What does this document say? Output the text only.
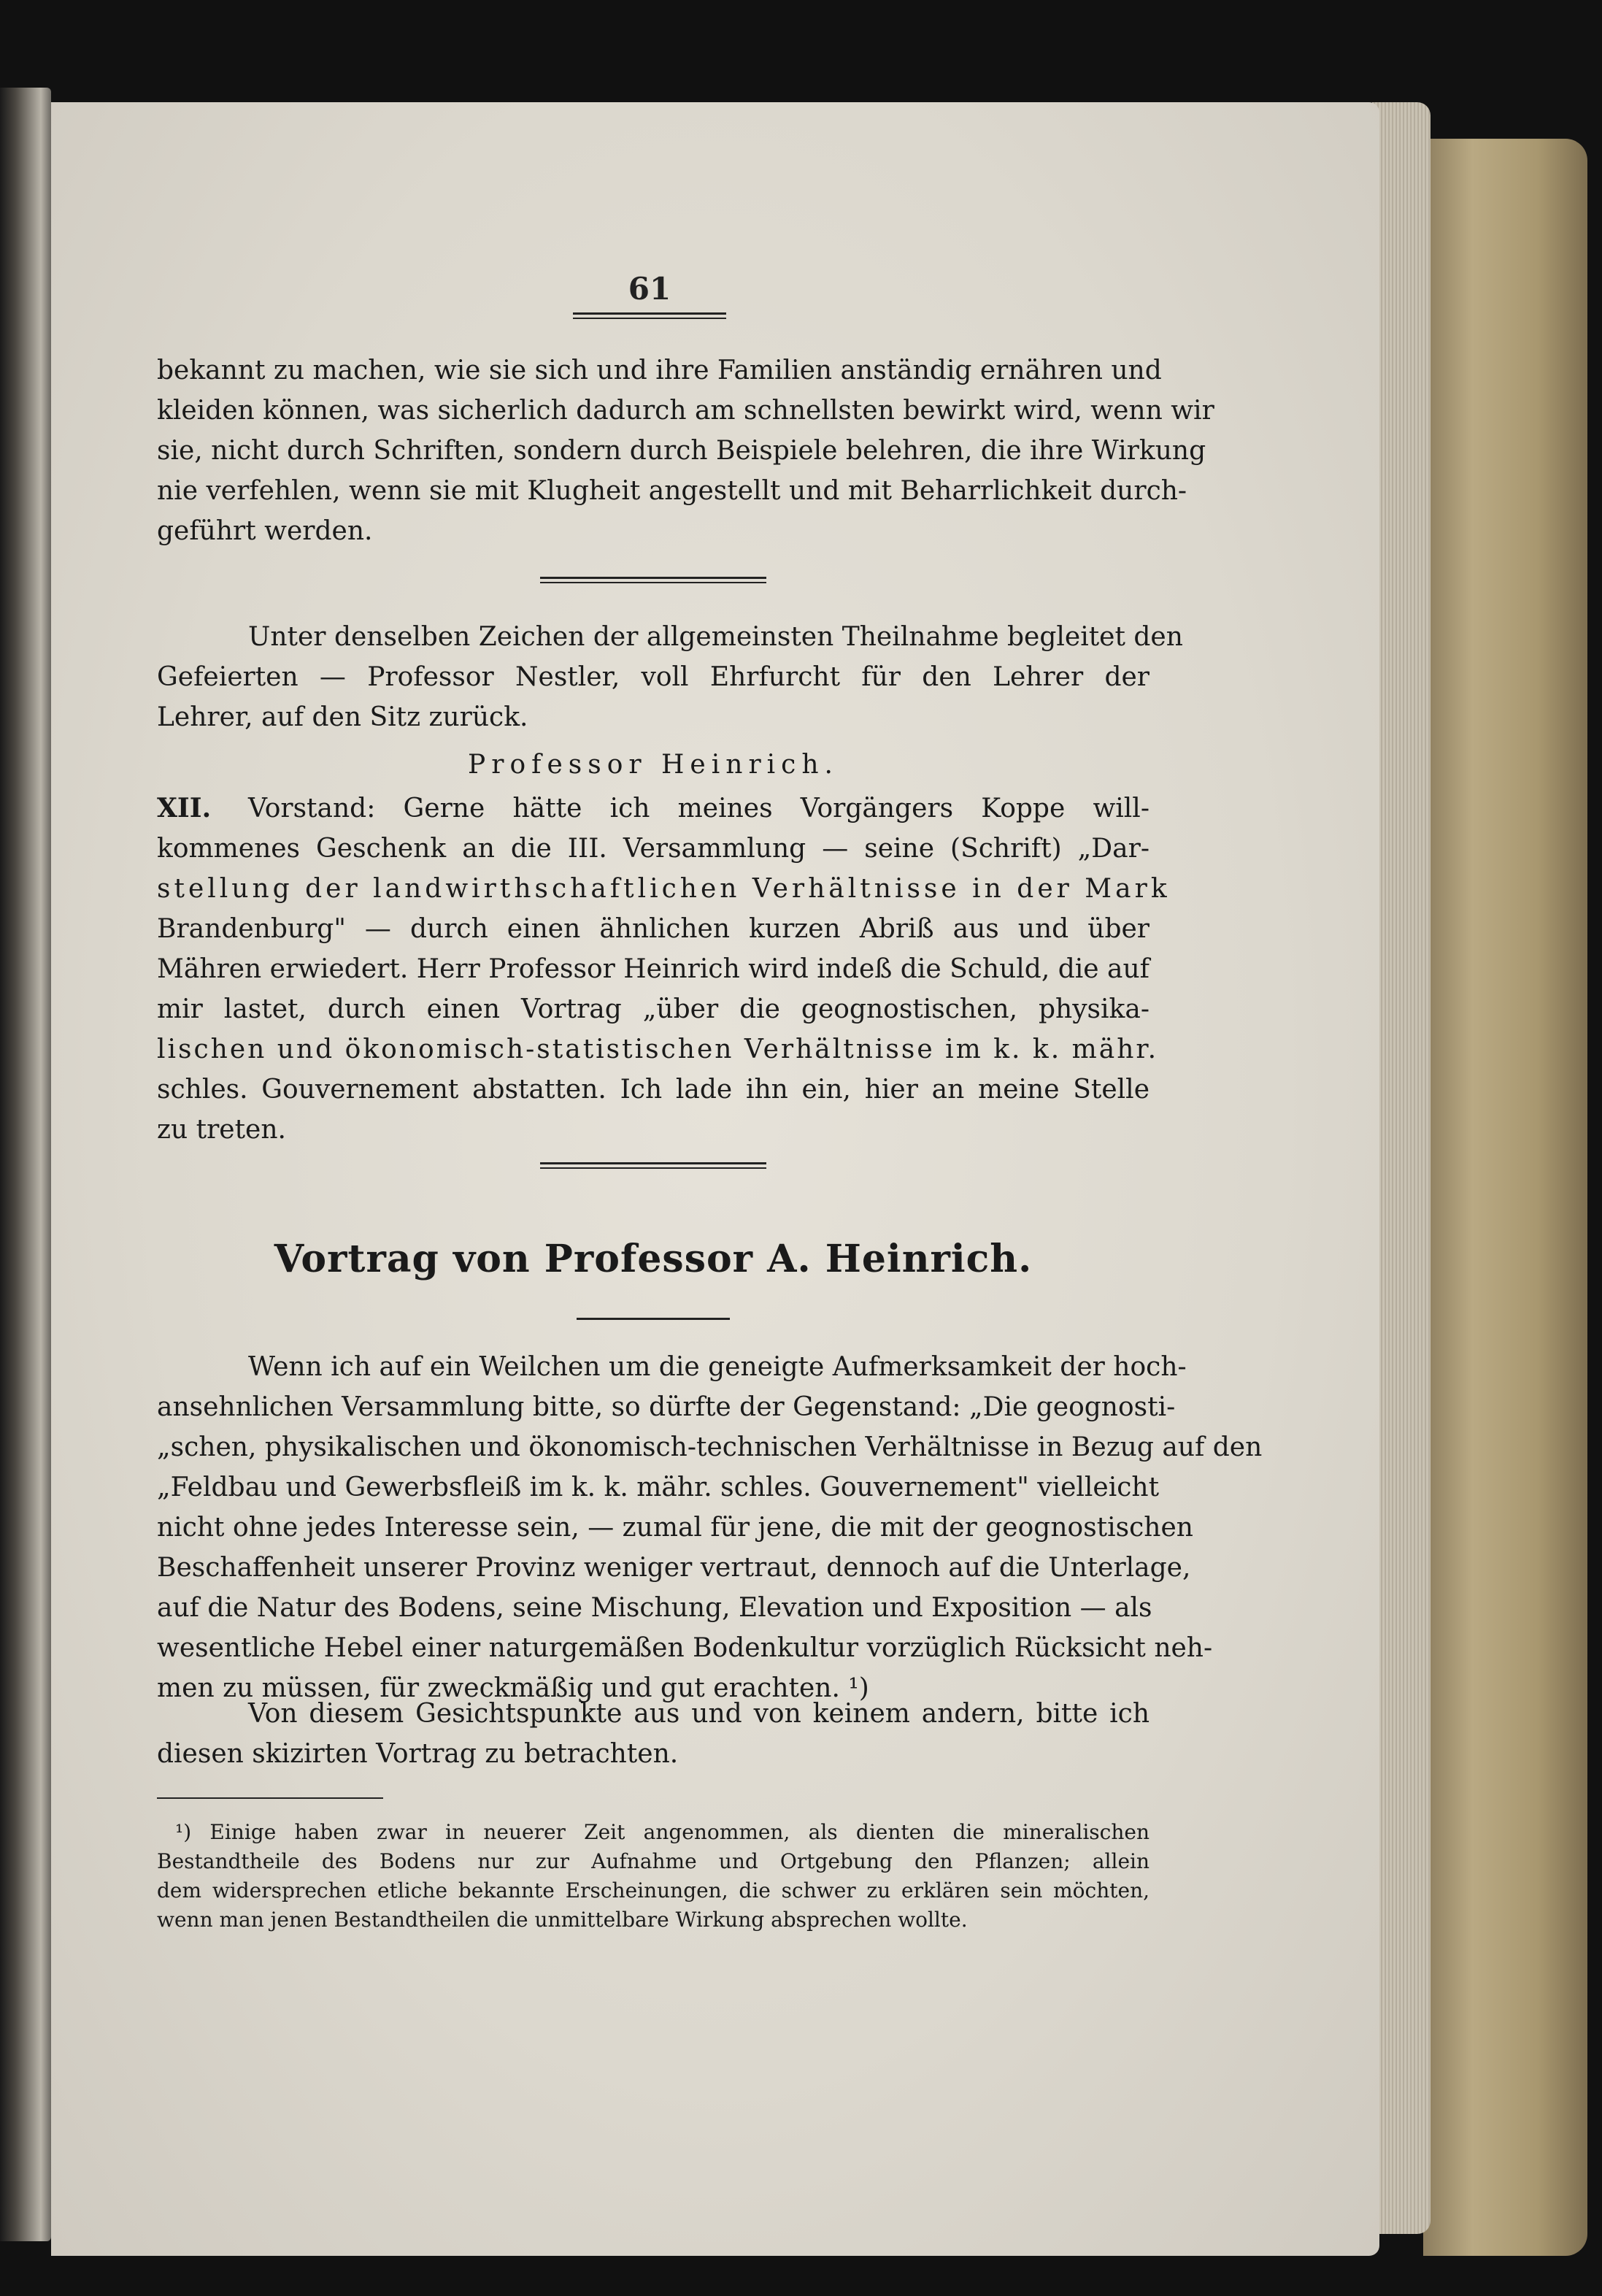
61
bekannt zu machen, wie sie sich und ihre Familien anständig ernähren und
kleiden können, was sicherlich dadurch am schnellsten bewirkt wird, wenn wir
sie, nicht durch Schriften, sondern durch Beispiele belehren, die ihre Wirkung
nie verfehlen, wenn sie mit Klugheit angestellt und mit Beharrlichkeit durch-
geführt werden.
Unter denselben Zeichen der allgemeinsten Theilnahme begleitet den
Gefeierten — Professor Nestler, voll Ehrfurcht für den Lehrer der
Lehrer, auf den Sitz zurück.
Professor Heinrich.
XII.	Vorstand: Gerne hätte ich meines Vorgängers Koppe will-
kommenes Geschenk an die III. Versammlung — seine (Schrift) „Dar-
stellung der landwirthschaftlichen Verhältnisse in der Mark
Brandenburg" — durch einen ähnlichen kurzen Abriß aus und über
Mähren erwiedert. Herr Professor Heinrich wird indeß die Schuld, die auf
mir lastet, durch einen Vortrag „über die geognostischen, physika-
lischen und ökonomisch-statistischen Verhältnisse im k. k. mähr.
schles. Gouvernement abstatten. Ich lade ihn ein, hier an meine Stelle
zu treten.
Vortrag von Professor A. Heinrich.
Wenn ich auf ein Weilchen um die geneigte Aufmerksamkeit der hoch-
ansehnlichen Versammlung bitte, so dürfte der Gegenstand: „Die geognosti-
„schen, physikalischen und ökonomisch-technischen Verhältnisse in Bezug auf den
„Feldbau und Gewerbsfleiß im k. k. mähr. schles. Gouvernement" vielleicht
nicht ohne jedes Interesse sein, — zumal für jene, die mit der geognostischen
Beschaffenheit unserer Provinz weniger vertraut, dennoch auf die Unterlage,
auf die Natur des Bodens, seine Mischung, Elevation und Exposition — als
wesentliche Hebel einer naturgemäßen Bodenkultur vorzüglich Rücksicht neh-
men zu müssen, für zweckmäßig und gut erachten. ¹)
Von diesem Gesichtspunkte aus und von keinem andern, bitte ich
diesen skizirten Vortrag zu betrachten.
¹) Einige haben zwar in neuerer Zeit angenommen, als dienten die mineralischen
Bestandtheile des Bodens nur zur Aufnahme und Ortgebung den Pflanzen; allein
dem widersprechen etliche bekannte Erscheinungen, die schwer zu erklären sein möchten,
wenn man jenen Bestandtheilen die unmittelbare Wirkung absprechen wollte.
